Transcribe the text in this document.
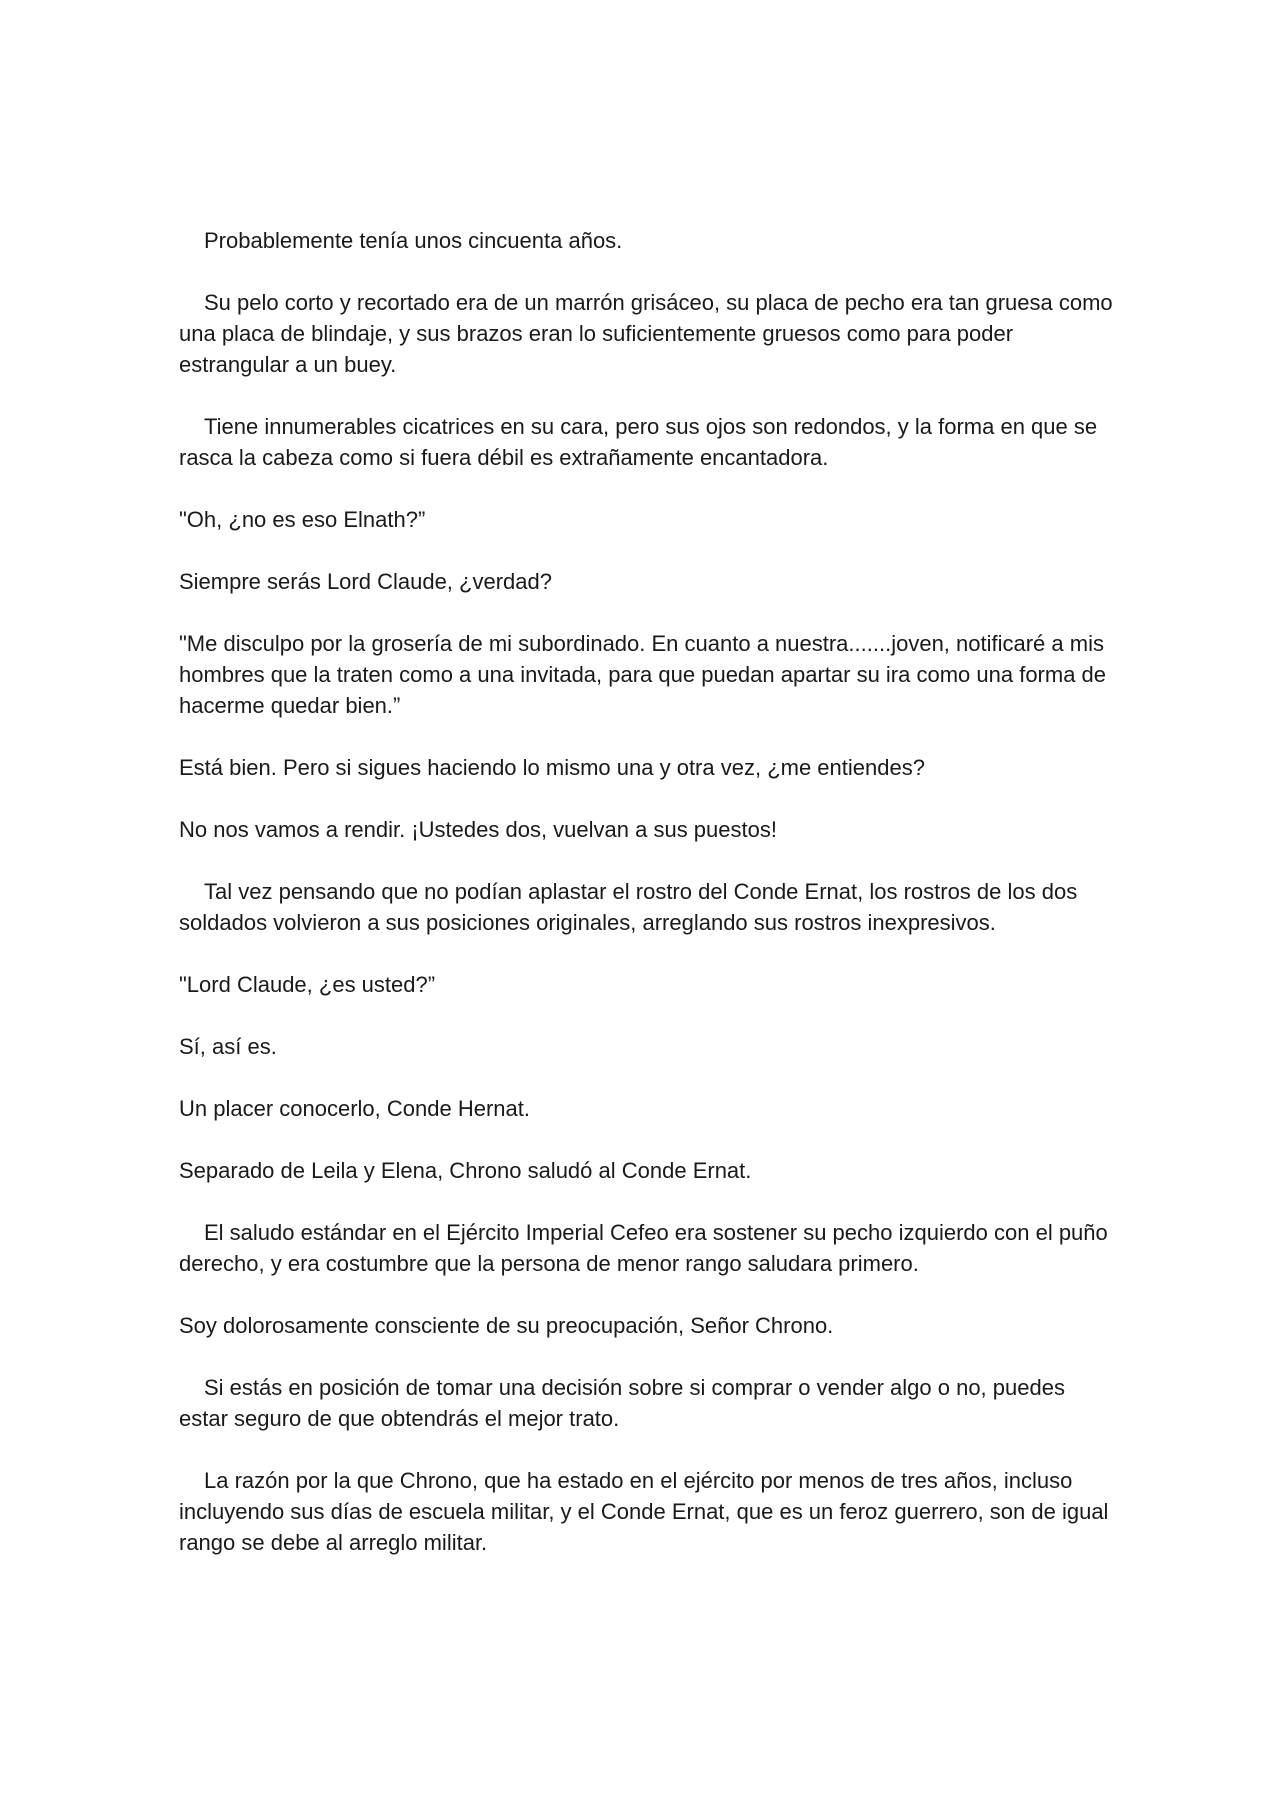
Probablemente tenía unos cincuenta años.

Su pelo corto y recortado era de un marrón grisáceo, su placa de pecho era tan gruesa como una placa de blindaje, y sus brazos eran lo suficientemente gruesos como para poder estrangular a un buey.

Tiene innumerables cicatrices en su cara, pero sus ojos son redondos, y la forma en que se rasca la cabeza como si fuera débil es extrañamente encantadora.

"Oh, ¿no es eso Elnath?”

Siempre serás Lord Claude, ¿verdad?

"Me disculpo por la grosería de mi subordinado. En cuanto a nuestra.......joven, notificaré a mis hombres que la traten como a una invitada, para que puedan apartar su ira como una forma de hacerme quedar bien.”

Está bien. Pero si sigues haciendo lo mismo una y otra vez, ¿me entiendes?

No nos vamos a rendir. ¡Ustedes dos, vuelvan a sus puestos!

Tal vez pensando que no podían aplastar el rostro del Conde Ernat, los rostros de los dos soldados volvieron a sus posiciones originales, arreglando sus rostros inexpresivos.

"Lord Claude, ¿es usted?”

Sí, así es.

Un placer conocerlo, Conde Hernat.

Separado de Leila y Elena, Chrono saludó al Conde Ernat.

El saludo estándar en el Ejército Imperial Cefeo era sostener su pecho izquierdo con el puño derecho, y era costumbre que la persona de menor rango saludara primero.

Soy dolorosamente consciente de su preocupación, Señor Chrono.

Si estás en posición de tomar una decisión sobre si comprar o vender algo o no, puedes estar seguro de que obtendrás el mejor trato.

La razón por la que Chrono, que ha estado en el ejército por menos de tres años, incluso incluyendo sus días de escuela militar, y el Conde Ernat, que es un feroz guerrero, son de igual rango se debe al arreglo militar.
